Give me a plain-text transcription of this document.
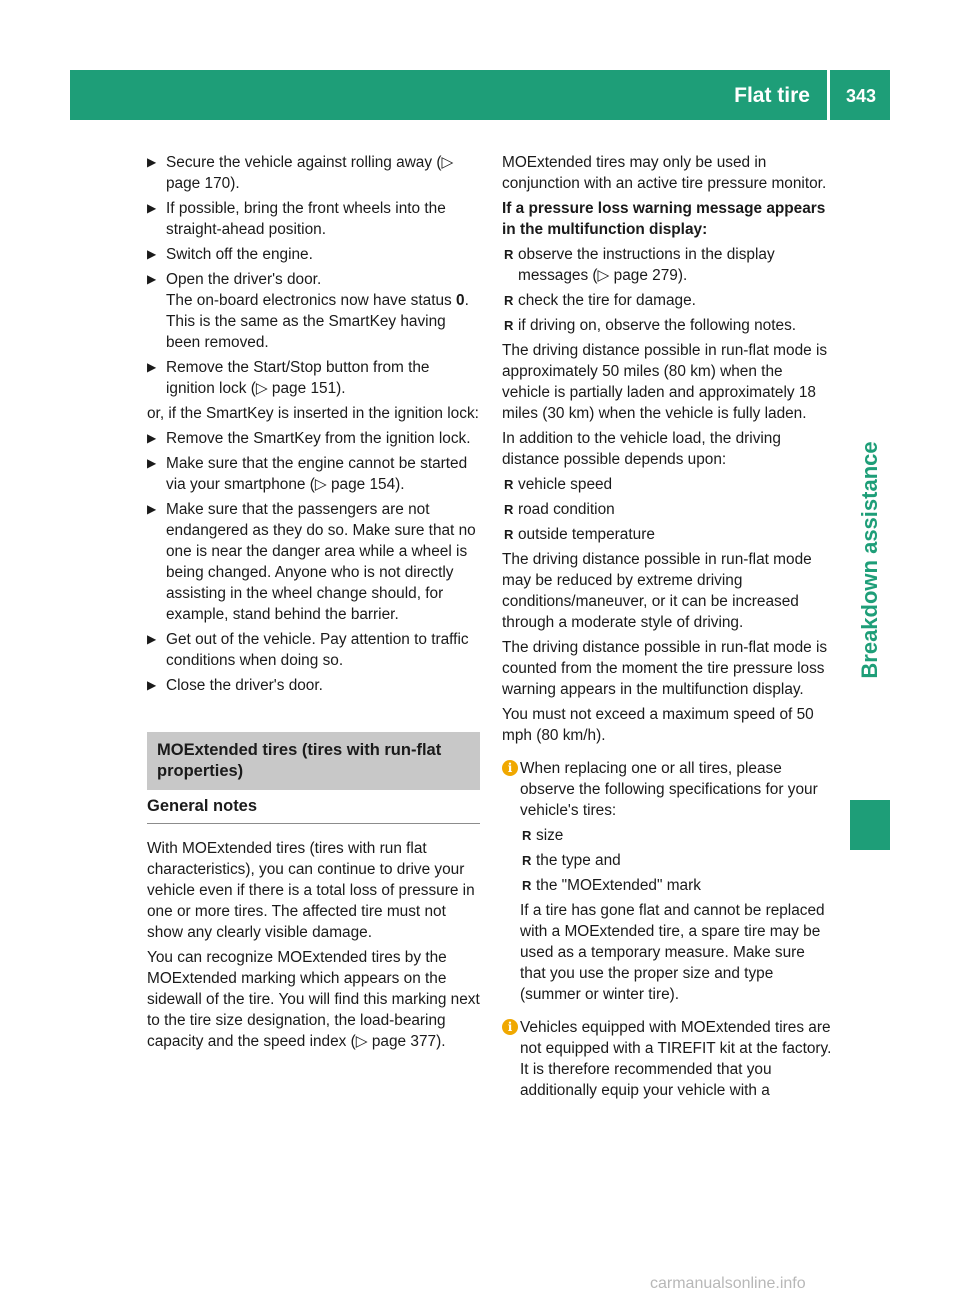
Flat tire	343
Breakdown assistance
▶ Secure the vehicle against rolling away (▷ page 170).
▶ If possible, bring the front wheels into the straight-ahead position.
▶ Switch off the engine.
▶ Open the driver's door.
The on-board electronics now have status 0. This is the same as the SmartKey having been removed.
▶ Remove the Start/Stop button from the ignition lock (▷ page 151).

or, if the SmartKey is inserted in the ignition lock:

▶ Remove the SmartKey from the ignition lock.
▶ Make sure that the engine cannot be started via your smartphone (▷ page 154).
▶ Make sure that the passengers are not endangered as they do so. Make sure that no one is near the danger area while a wheel is being changed. Anyone who is not directly assisting in the wheel change should, for example, stand behind the barrier.
▶ Get out of the vehicle. Pay attention to traffic conditions when doing so.
▶ Close the driver's door.
MOExtended tires (tires with run-flat properties)
General notes

With MOExtended tires (tires with run flat characteristics), you can continue to drive your vehicle even if there is a total loss of pressure in one or more tires. The affected tire must not show any clearly visible damage.

You can recognize MOExtended tires by the MOExtended marking which appears on the sidewall of the tire. You will find this marking next to the tire size designation, the load-bearing capacity and the speed index (▷ page 377).

MOExtended tires may only be used in conjunction with an active tire pressure monitor.

If a pressure loss warning message appears in the multifunction display:

R observe the instructions in the display messages (▷ page 279).
R check the tire for damage.
R if driving on, observe the following notes.

The driving distance possible in run-flat mode is approximately 50 miles (80 km) when the vehicle is partially laden and approximately 18 miles (30 km) when the vehicle is fully laden.

In addition to the vehicle load, the driving distance possible depends upon:

R vehicle speed
R road condition
R outside temperature

The driving distance possible in run-flat mode may be reduced by extreme driving conditions/maneuver, or it can be increased through a moderate style of driving.

The driving distance possible in run-flat mode is counted from the moment the tire pressure loss warning appears in the multifunction display.

You must not exceed a maximum speed of 50 mph (80 km/h).

i When replacing one or all tires, please observe the following specifications for your vehicle's tires:

R size
R the type and
R the "MOExtended" mark

If a tire has gone flat and cannot be replaced with a MOExtended tire, a spare tire may be used as a temporary measure. Make sure that you use the proper size and type (summer or winter tire).

i Vehicles equipped with MOExtended tires are not equipped with a TIREFIT kit at the factory. It is therefore recommended that you additionally equip your vehicle with a

carmanualsonline.info
